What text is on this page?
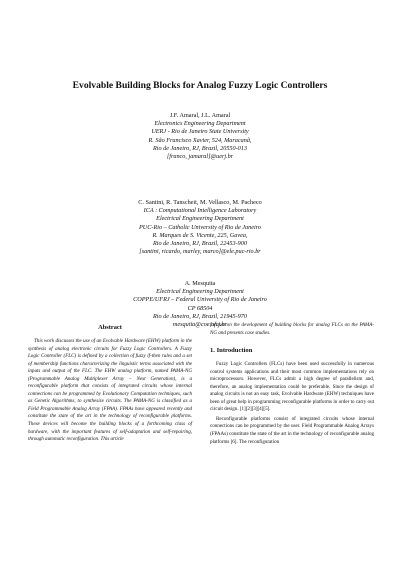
Evolvable Building Blocks for Analog Fuzzy Logic Controllers
J.F. Amaral, J.L. Amaral
Electronics Engineering Department
UERJ - Rio de Janeiro State University
R. São Francisco Xavier, 524, Maracanã,
Rio de Janeiro, RJ, Brazil, 20550-013
[franco, jamaral]@uerj.br
C. Santini, R. Tanscheit, M. Vellasco, M. Pacheco
ICA : Computational Intelligence Laboratory
Electrical Engineering Department
PUC-Rio – Catholic University of Rio de Janeiro
R. Marques de S. Vicente, 225, Gavea,
Rio de Janeiro, RJ, Brazil, 22453-900
[santini, ricardo, marley, marco]@ele.puc-rio.br
A. Mesquita
Electrical Engineering Department
COPPE/UFRJ – Federal University of Rio de Janeiro
CP 68504
Rio de Janeiro, RJ, Brazil, 21945-970
mesquita@coe.ufrj.br
Abstract

This work discusses the use of an Evolvable Hardware (EHW) platform in the synthesis of analog electronic circuits for Fuzzy Logic Controllers. A Fuzzy Logic Controller (FLC) is defined by a collection of fuzzy if-then rules and a set of membership functions characterizing the linguistic terms associated with the inputs and output of the FLC. The EHW analog platform, named PAMA-NG (Programmable Analog Multiplexer Array – Next Generation), is a reconfigurable platform that consists of integrated circuits whose internal connections can be programmed by Evolutionary Computation techniques, such as Genetic Algorithms, to synthesize circuits. The PAMA-NG is classified as a Field Programmable Analog Array (FPAA). FPAAs have appeared recently and constitute the state of the art in the technology of reconfigurable platforms. These devices will become the building blocks of a forthcoming class of hardware, with the important features of self-adaptation and self-repairing, through automatic reconfiguration. This article

focuses on the development of building blocks for analog FLCs on the PAMA-NG and presents case studies.

1. Introduction

Fuzzy Logic Controllers (FLCs) have been used successfully in numerous control systems applications and their most common implementations rely on microprocessors. However, FLCs admit a high degree of parallelism and, therefore, an analog implementation could be preferable. Since the design of analog circuits is not an easy task, Evolvable Hardware (EHW) techniques have been of great help in programming reconfigurable platforms in order to carry out circuit design. [1][2][3][4][5].

Reconfigurable platforms consist of integrated circuits whose internal connections can be programmed by the user. Field Programmable Analog Arrays (FPAAs) constitute the state of the art in the technology of reconfigurable analog platforms [6]. The reconfiguration
